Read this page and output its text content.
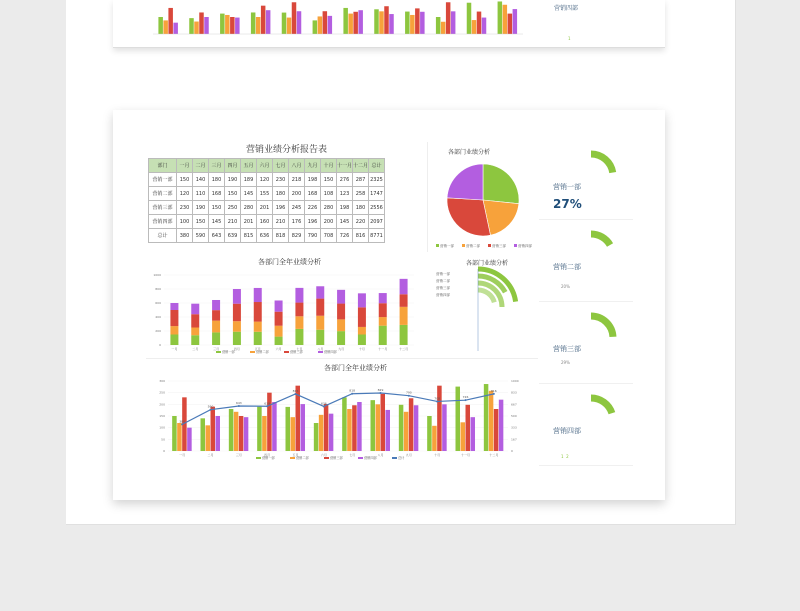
营销四部
1
营销业绩分析报告表
部门	一月	二月	三月	四月	五月	六月	七月	八月	九月	十月	十一月	十二月	总计
营销一部	150	140	180	190	189	120	230	218	198	150	276	287	2325
营销二部	120	110	168	150	145	155	180	200	168	108	123	258	1747
营销三部	230	190	150	250	280	201	196	245	226	280	198	180	2556
营销四部	100	150	145	210	201	160	210	176	196	200	145	220	2097
总计	380	590	643	639	815	636	818	829	790	708	726	816	8771
各部门业绩分析
营销一部	营销二部	营销三部	营销四部
各部门业绩分析
营销一部
营销二部
营销三部
营销四部
各部门全年业绩分析
0
200
400
600
800
1000
一月	二月	三月	四月	五月	六月	七月	八月	九月	十月	十一月	十二月
营销一部	营销二部	营销三部	营销四部
各部门全年业绩分析
0	0
50	167
100	333
150	500
200	667
250	833
300	1000
一月	二月	三月	四月	五月	六月	七月	八月	九月	十月	十一月	十二月
380
590
643	639
815
636
818	829
790
708	726
816
营销一部	营销二部	营销三部	营销四部	总计
营销一部
27%
营销二部
20%
营销三部
29%
营销四部
1 2
